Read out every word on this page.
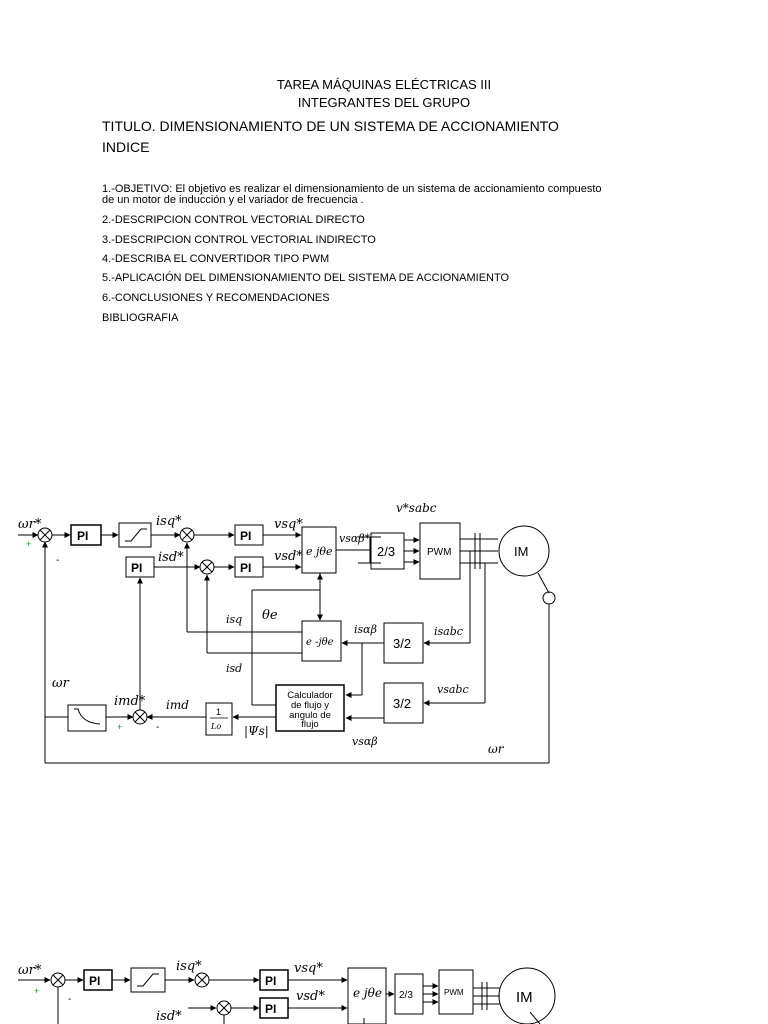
TAREA MÁQUINAS ELÉCTRICAS III
INTEGRANTES DEL GRUPO
TITULO. DIMENSIONAMIENTO DE UN SISTEMA DE ACCIONAMIENTO
INDICE
1.-OBJETIVO: El objetivo es realizar el dimensionamiento de un sistema de accionamiento compuesto
de un motor de inducción y el variador de frecuencia .
2.-DESCRIPCION CONTROL VECTORIAL DIRECTO
3.-DESCRIPCION CONTROL VECTORIAL INDIRECTO
4.-DESCRIBA EL CONVERTIDOR TIPO PWM
5.-APLICACIÓN DEL DIMENSIONAMIENTO DEL SISTEMA DE ACCIONAMIENTO
6.-CONCLUSIONES Y RECOMENDACIONES
BIBLIOGRAFIA
ωr*
+
-
PI
isq*
PI
vsq*
PI
isd*
PI
vsd* e jθe
vsαβ*
v*sabc
2/3	PWM	IM
θe
isq
isd
e -jθe
isαβ	isabc
3/2
ωr
imd* imd
+	-
1
Lo |Ψs|
Calculador
de flujo y
angulo de
flujo
vsabc
3/2
vsαβ
ωr
ωr*
+
-
PI
isq*
PI
vsq*
isd*	PI
vsd* e jθe 2/3	PWM	IM
